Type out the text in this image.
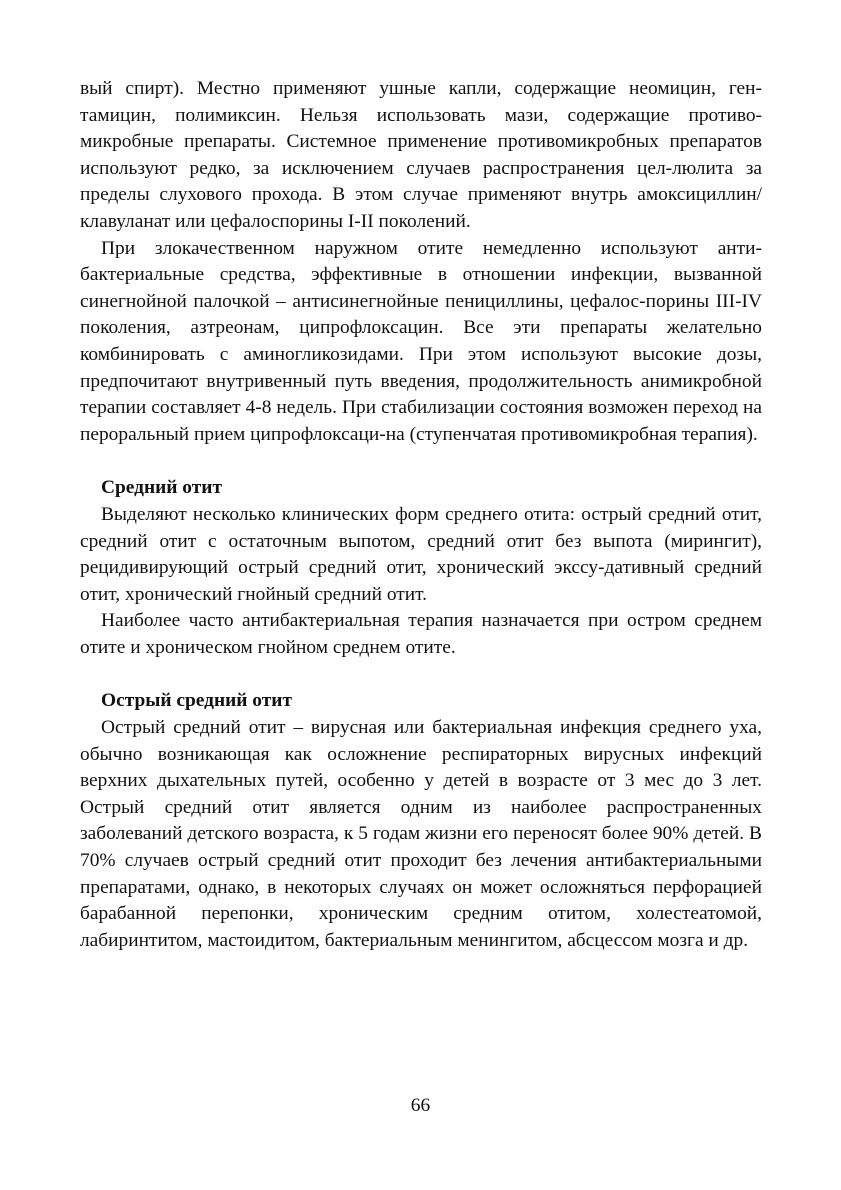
вый спирт). Местно применяют ушные капли, содержащие неомицин, ген-тамицин, полимиксин. Нельзя использовать мази, содержащие противо-микробные препараты. Системное применение противомикробных препаратов используют редко, за исключением случаев распространения цел-люлита за пределы слухового прохода. В этом случае применяют внутрь амоксициллин/клавуланат или цефалоспорины I-II поколений.

При злокачественном наружном отите немедленно используют антибактериальные средства, эффективные в отношении инфекции, вызванной синегнойной палочкой – антисинегнойные пенициллины, цефалос-порины III-IV поколения, азтреонам, ципрофлоксацин. Все эти препараты желательно комбинировать с аминогликозидами. При этом используют высокие дозы, предпочитают внутривенный путь введения, продолжительность анимикробной терапии составляет 4-8 недель. При стабилизации состояния возможен переход на пероральный прием ципрофлоксаци-на (ступенчатая противомикробная терапия).

Средний отит

Выделяют несколько клинических форм среднего отита: острый средний отит, средний отит с остаточным выпотом, средний отит без выпота (мирингит), рецидивирующий острый средний отит, хронический экссу-дативный средний отит, хронический гнойный средний отит.

Наиболее часто антибактериальная терапия назначается при остром среднем отите и хроническом гнойном среднем отите.

Острый средний отит

Острый средний отит – вирусная или бактериальная инфекция среднего уха, обычно возникающая как осложнение респираторных вирусных инфекций верхних дыхательных путей, особенно у детей в возрасте от 3 мес до 3 лет. Острый средний отит является одним из наиболее распространенных заболеваний детского возраста, к 5 годам жизни его переносят более 90% детей. В 70% случаев острый средний отит проходит без лечения антибактериальными препаратами, однако, в некоторых случаях он может осложняться перфорацией барабанной перепонки, хроническим средним отитом, холестеатомой, лабиринтитом, мастоидитом, бактериальным менингитом, абсцессом мозга и др.

66
